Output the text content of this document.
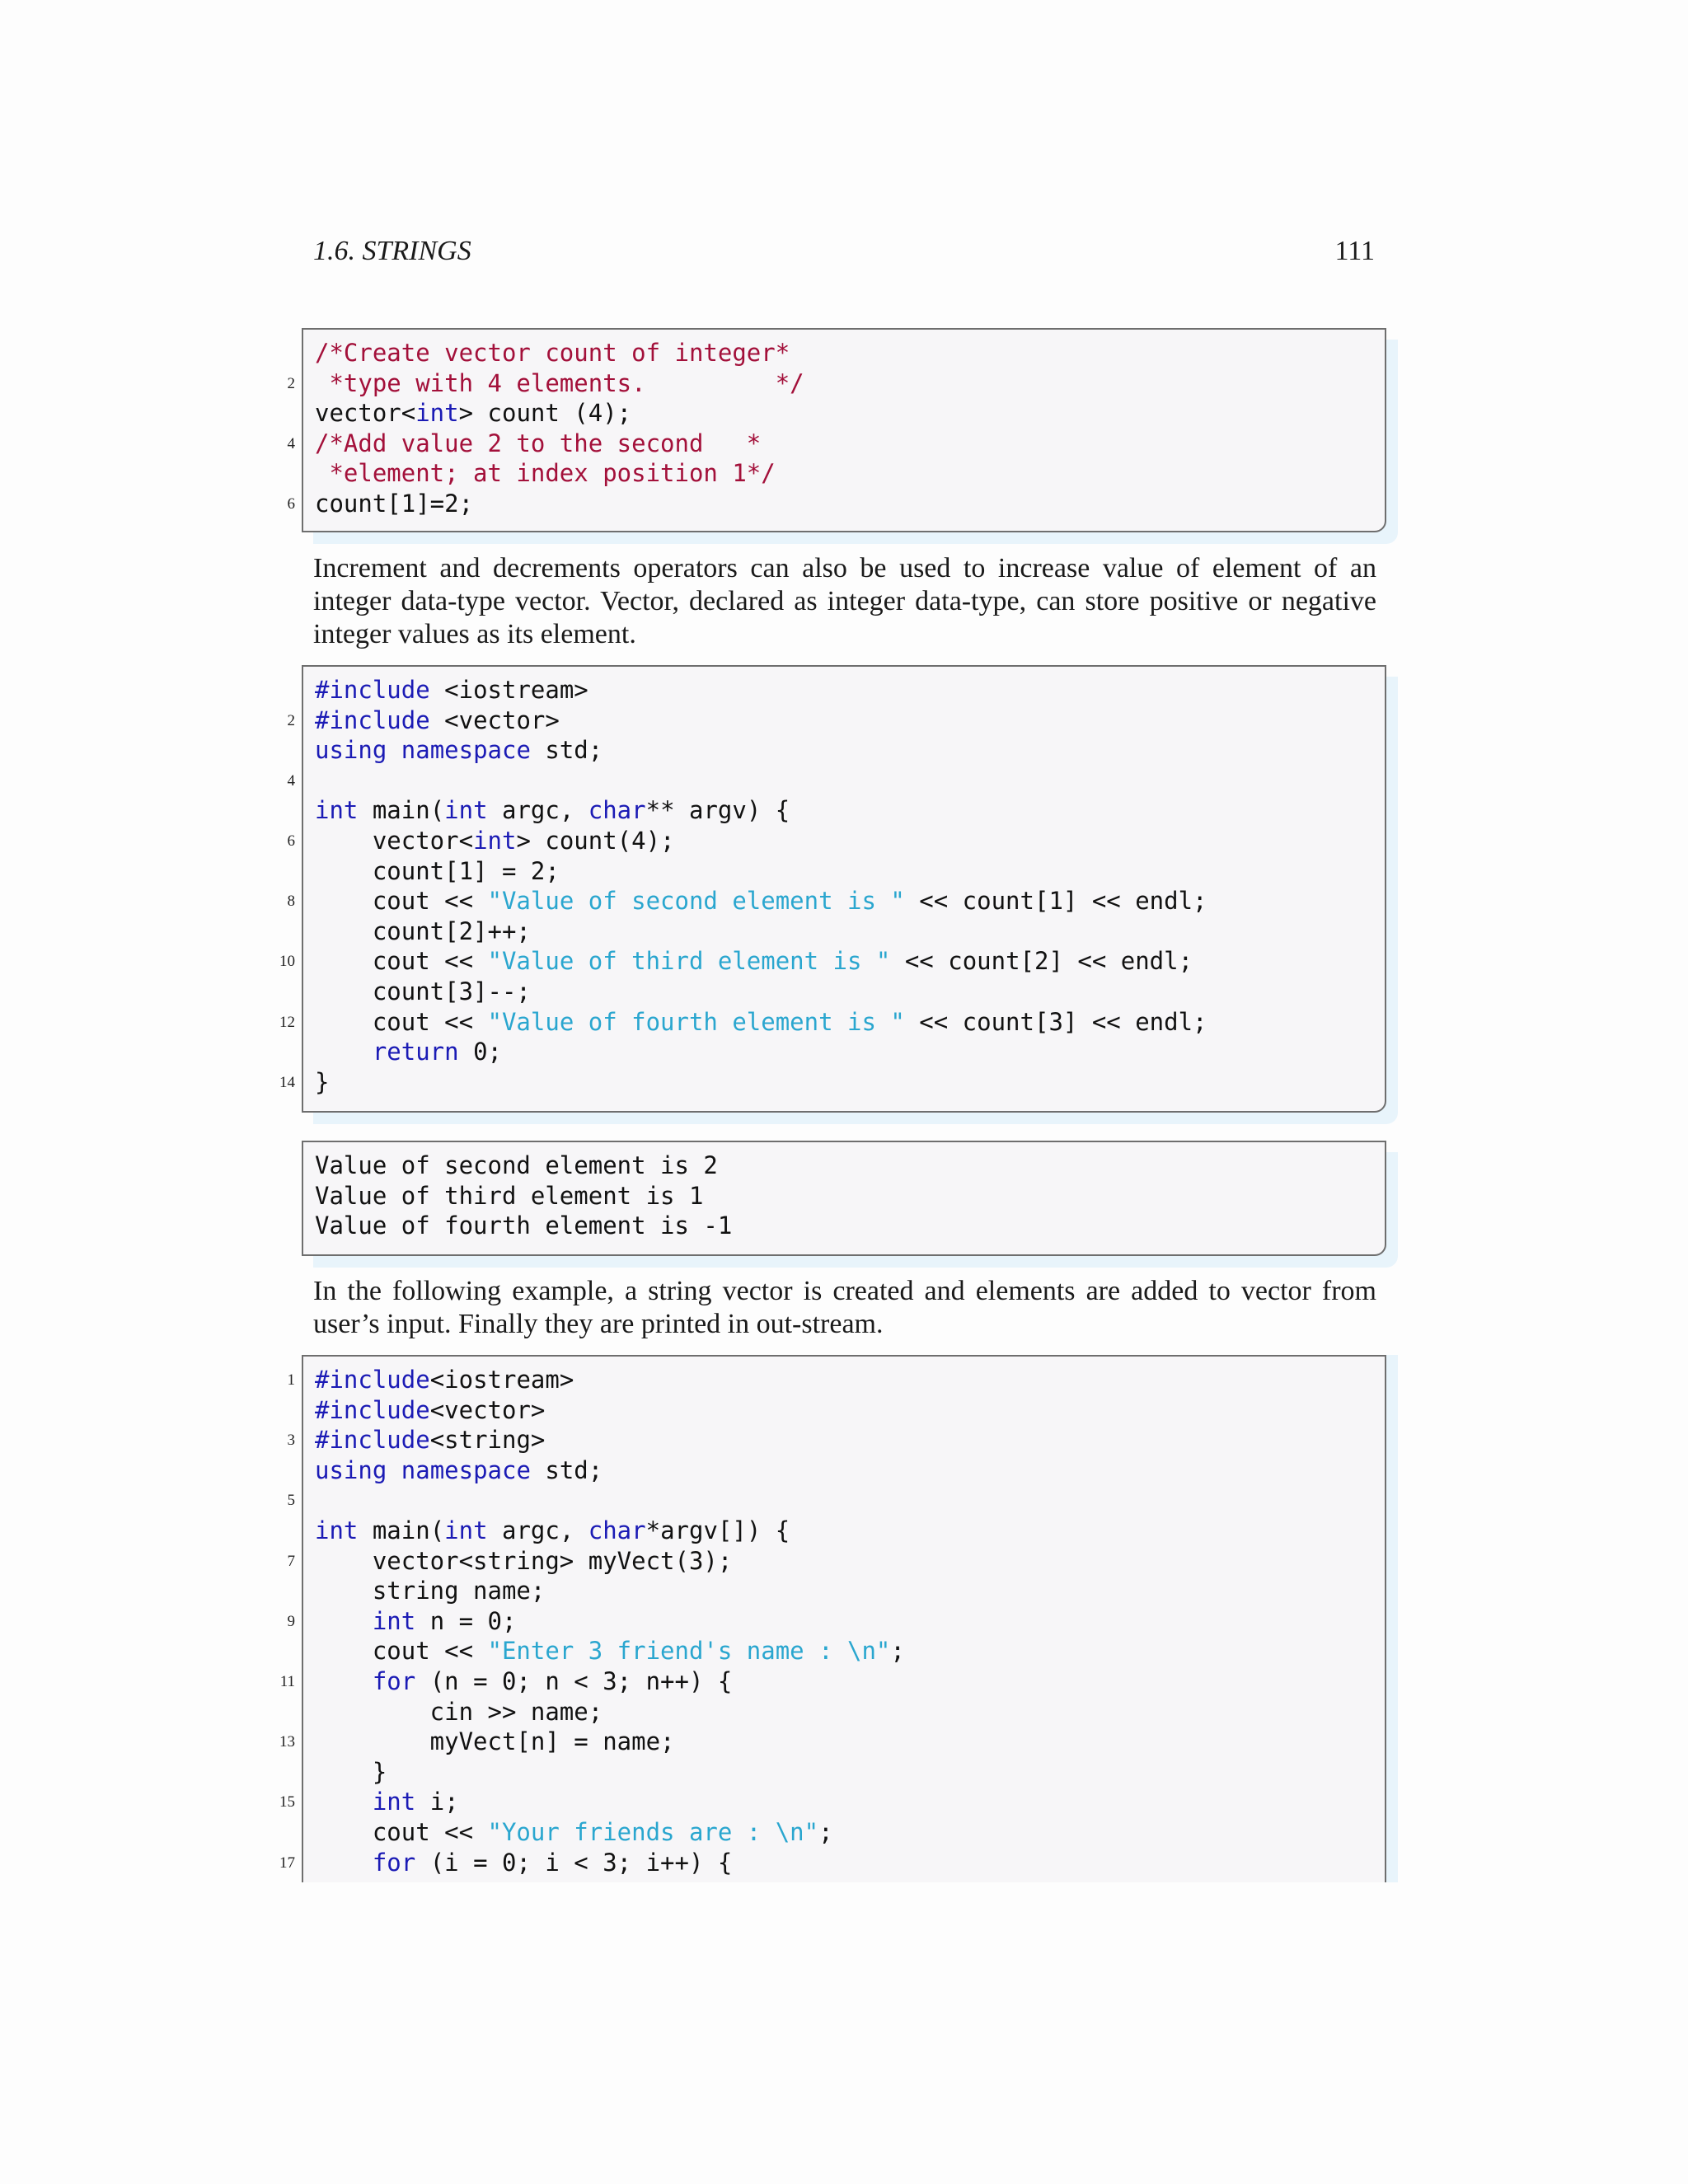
1.6. STRINGS	111
/*Create vector count of integer*
2 *type with 4 elements.         */
vector<int> count (4);
4 /*Add value 2 to the second   *
*element; at index position 1*/
6 count[1]=2;
#include <iostream>
2 #include <vector>
using namespace std;
4
int main(int argc, char** argv) {
6 vector<int> count(4);
count[1] = 2;
8 cout << "Value of second element is " << count[1] << endl;
count[2]++;
10 cout << "Value of third element is " << count[2] << endl;
count[3]--;
12 cout << "Value of fourth element is " << count[3] << endl;
return 0;
14 }
Value of second element is 2
Value of third element is 1
Value of fourth element is -1
1 #include<iostream>
#include<vector>
3 #include<string>
using namespace std;
5
int main(int argc, char*argv[]) {
7 vector<string> myVect(3);
string name;
9	int n = 0;
cout << "Enter 3 friend's name : \n";
11	for (n = 0; n < 3; n++) {
cin >> name;
13 myVect[n] = name;
}
15	int i;
cout << "Your friends are : \n";
17	for (i = 0; i < 3; i++) {

Increment and decrements operators can also be used to increase value of element of an integer data-type vector. Vector, declared as integer data-type, can store positive or negative integer values as its element.

In the following example, a string vector is created and elements are added to vector from user’s input. Finally they are printed in out-stream.
